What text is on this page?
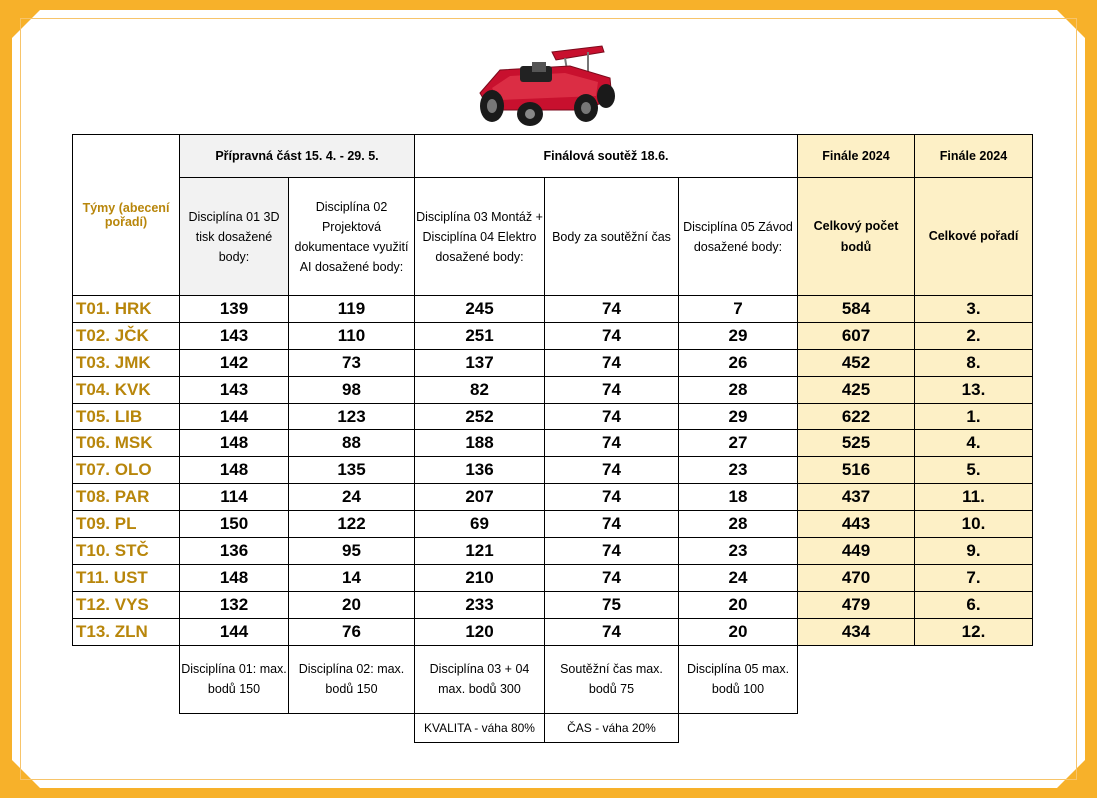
Týmy (abecení pořadí)	Přípravná část 15. 4. - 29. 5.		Finálová soutěž 18.6.			Finále 2024	Finále 2024
	Disciplína 01 3D tisk dosažené body:	Disciplína 02 Projektová dokumentace využití AI dosažené body:	Disciplína 03 Montáž + Disciplína 04 Elektro dosažené body:	Body za soutěžní čas	Disciplína 05 Závod dosažené body:	Celkový počet bodů	Celkové pořadí
T01. HRK	139	119	245	74	7	584	3.
T02. JČK	143	110	251	74	29	607	2.
T03. JMK	142	73	137	74	26	452	8.
T04. KVK	143	98	82	74	28	425	13.
T05. LIB	144	123	252	74	29	622	1.
T06. MSK	148	88	188	74	27	525	4.
T07. OLO	148	135	136	74	23	516	5.
T08. PAR	114	24	207	74	18	437	11.
T09. PL	150	122	69	74	28	443	10.
T10. STČ	136	95	121	74	23	449	9.
T11. UST	148	14	210	74	24	470	7.
T12. VYS	132	20	233	75	20	479	6.
T13. ZLN	144	76	120	74	20	434	12.
	Disciplína 01: max. bodů 150	Disciplína 02: max. bodů 150	Disciplína 03 + 04 max. bodů 300	Soutěžní čas max. bodů 75	Disciplína 05 max. bodů 100		
			KVALITA - váha 80%	ČAS - váha 20%			
